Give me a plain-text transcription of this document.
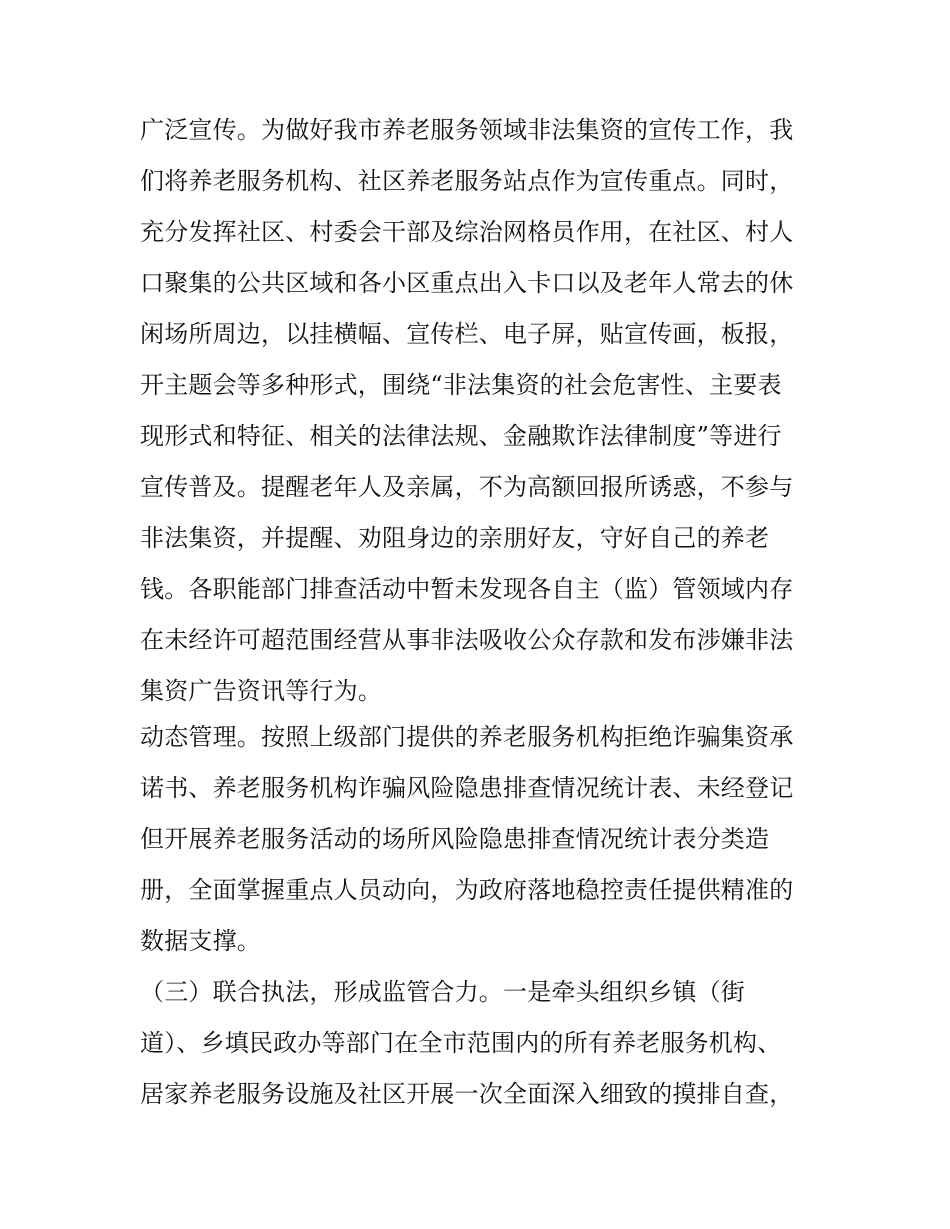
广泛宣传。为做好我市养老服务领域非法集资的宣传工作，我
们将养老服务机构、社区养老服务站点作为宣传重点。同时，
充分发挥社区、村委会干部及综治网格员作用，在社区、村人
口聚集的公共区域和各小区重点出入卡口以及老年人常去的休
闲场所周边，以挂横幅、宣传栏、电子屏，贴宣传画，板报，
开主题会等多种形式，围绕“非法集资的社会危害性、主要表
现形式和特征、相关的法律法规、金融欺诈法律制度”等进行
宣传普及。提醒老年人及亲属，不为高额回报所诱惑，不参与
非法集资，并提醒、劝阻身边的亲朋好友，守好自己的养老
钱。各职能部门排查活动中暂未发现各自主（监）管领域内存
在未经许可超范围经营从事非法吸收公众存款和发布涉嫌非法
集资广告资讯等行为。
动态管理。按照上级部门提供的养老服务机构拒绝诈骗集资承
诺书、养老服务机构诈骗风险隐患排查情况统计表、未经登记
但开展养老服务活动的场所风险隐患排查情况统计表分类造
册，全面掌握重点人员动向，为政府落地稳控责任提供精准的
数据支撑。
（三）联合执法，形成监管合力。一是牵头组织乡镇（街
道）、乡填民政办等部门在全市范围内的所有养老服务机构、
居家养老服务设施及社区开展一次全面深入细致的摸排自查，
